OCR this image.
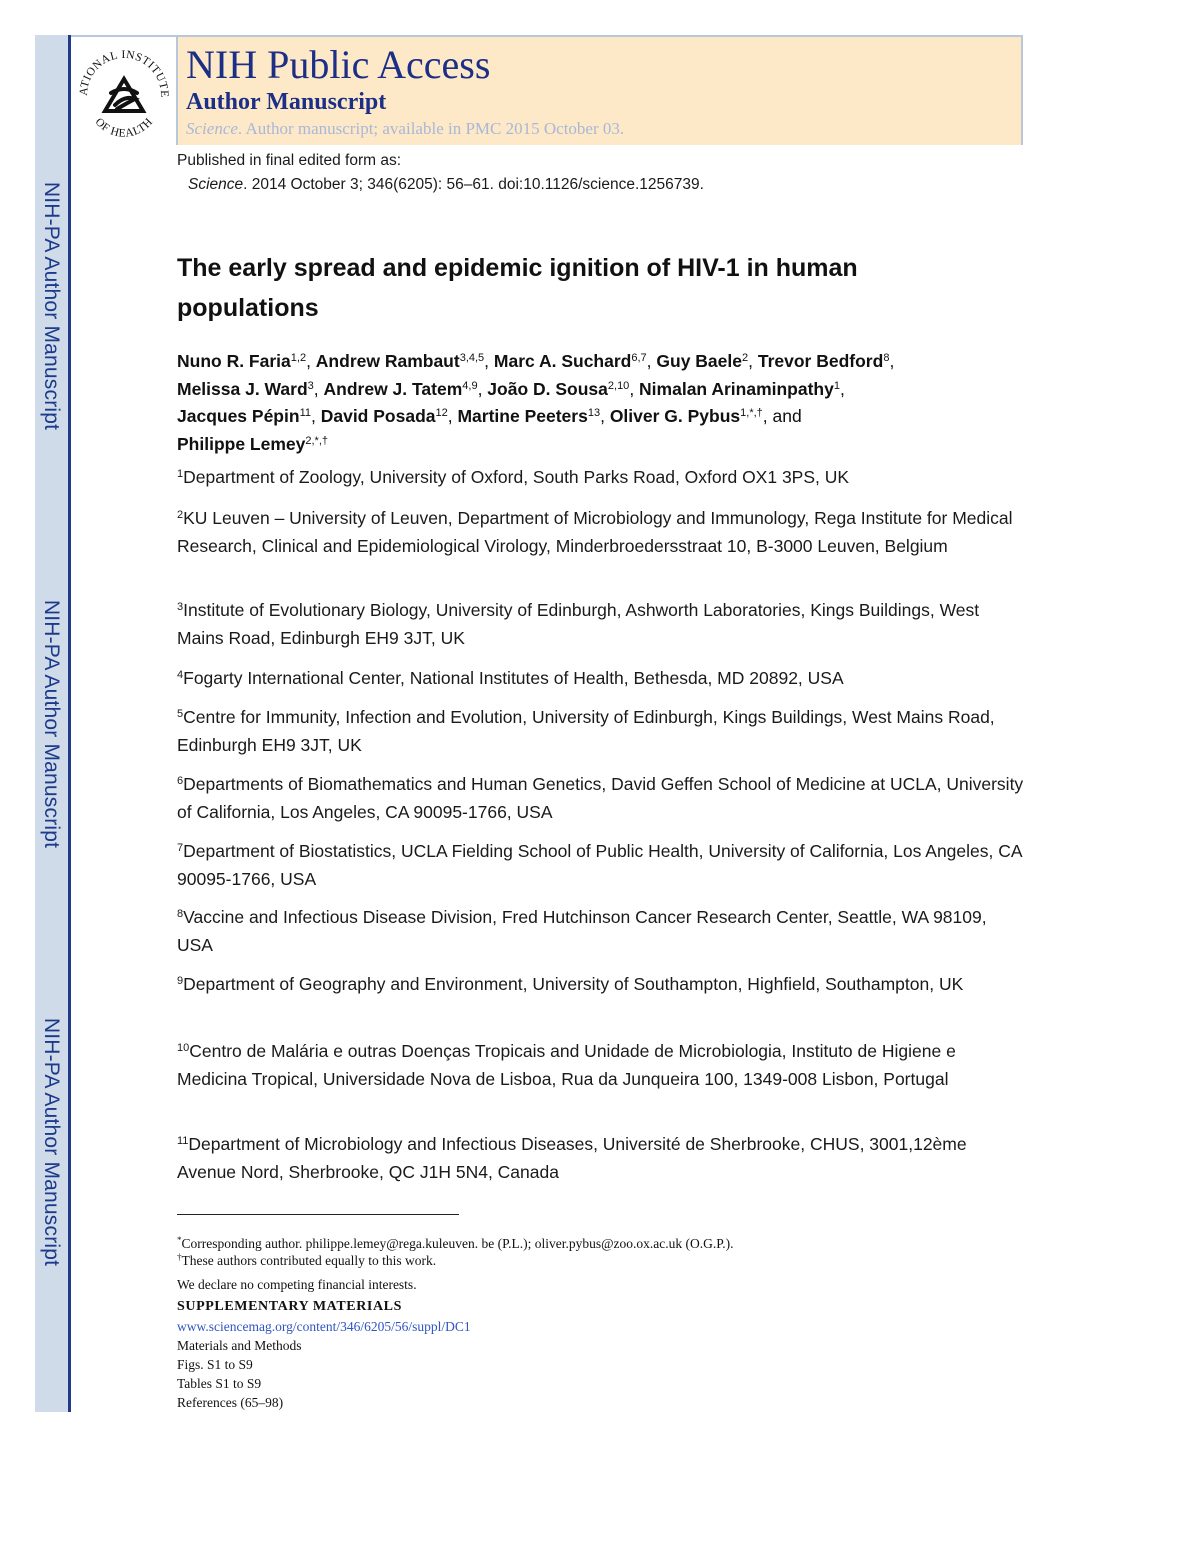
NIH-PA Author Manuscript
NIH-PA Author Manuscript
NIH-PA Author Manuscript
ATIONAL INSTITUTE
OF HEALTH
NIH Public Access
Author Manuscript
Science. Author manuscript; available in PMC 2015 October 03.
Published in final edited form as:
Science. 2014 October 3; 346(6205): 56–61. doi:10.1126/science.1256739.
The early spread and epidemic ignition of HIV-1 in human
populations
Nuno R. Faria$^{1,2}$, Andrew Rambaut$^{3,4,5}$, Marc A. Suchard$^{6,7}$, Guy Baele$^2$, Trevor Bedford$^8$,
Melissa J. Ward$^3$, Andrew J. Tatem$^{4,9}$, João D. Sousa$^{2,10}$, Nimalan Arinaminpathy$^1$,
Jacques Pépin$^{11}$, David Posada$^{12}$, Martine Peeters$^{13}$, Oliver G. Pybus$^{1,*,\dagger}$, and
Philippe Lemey$^{2,*,\dagger}$
$^1$Department of Zoology, University of Oxford, South Parks Road, Oxford OX1 3PS, UK
$^2$KU Leuven – University of Leuven, Department of Microbiology and Immunology, Rega Institute for Medical Research, Clinical and Epidemiological Virology, Minderbroedersstraat 10, B-3000 Leuven, Belgium
$^3$Institute of Evolutionary Biology, University of Edinburgh, Ashworth Laboratories, Kings Buildings, West Mains Road, Edinburgh EH9 3JT, UK
$^4$Fogarty International Center, National Institutes of Health, Bethesda, MD 20892, USA
$^5$Centre for Immunity, Infection and Evolution, University of Edinburgh, Kings Buildings, West Mains Road, Edinburgh EH9 3JT, UK
$^6$Departments of Biomathematics and Human Genetics, David Geffen School of Medicine at UCLA, University of California, Los Angeles, CA 90095-1766, USA
$^7$Department of Biostatistics, UCLA Fielding School of Public Health, University of California, Los Angeles, CA 90095-1766, USA
$^8$Vaccine and Infectious Disease Division, Fred Hutchinson Cancer Research Center, Seattle, WA 98109, USA
$^9$Department of Geography and Environment, University of Southampton, Highfield, Southampton, UK
$^{10}$Centro de Malária e outras Doenças Tropicais and Unidade de Microbiologia, Instituto de Higiene e Medicina Tropical, Universidade Nova de Lisboa, Rua da Junqueira 100, 1349-008 Lisbon, Portugal
$^{11}$Department of Microbiology and Infectious Diseases, Université de Sherbrooke, CHUS, 3001,12ème Avenue Nord, Sherbrooke, QC J1H 5N4, Canada
*Corresponding author. philippe.lemey@rega.kuleuven. be (P.L.); oliver.pybus@zoo.ox.ac.uk (O.G.P.).
†These authors contributed equally to this work.
We declare no competing financial interests.
SUPPLEMENTARY MATERIALS
www.sciencemag.org/content/346/6205/56/suppl/DC1
Materials and Methods
Figs. S1 to S9
Tables S1 to S9
References (65–98)
